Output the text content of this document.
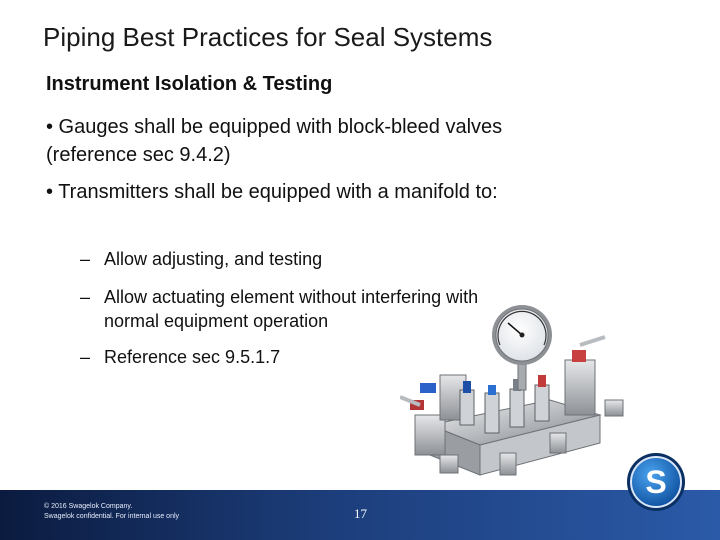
Piping Best Practices for Seal Systems
Instrument Isolation & Testing
• Gauges shall be equipped with block-bleed valves (reference sec 9.4.2)
• Transmitters shall be equipped with a manifold to:
– Allow adjusting, and testing
– Allow actuating element without interfering with
normal equipment operation
– Reference sec 9.5.1.7
© 2016 Swagelok Company.
Swagelok confidential. For internal use only	17
S
